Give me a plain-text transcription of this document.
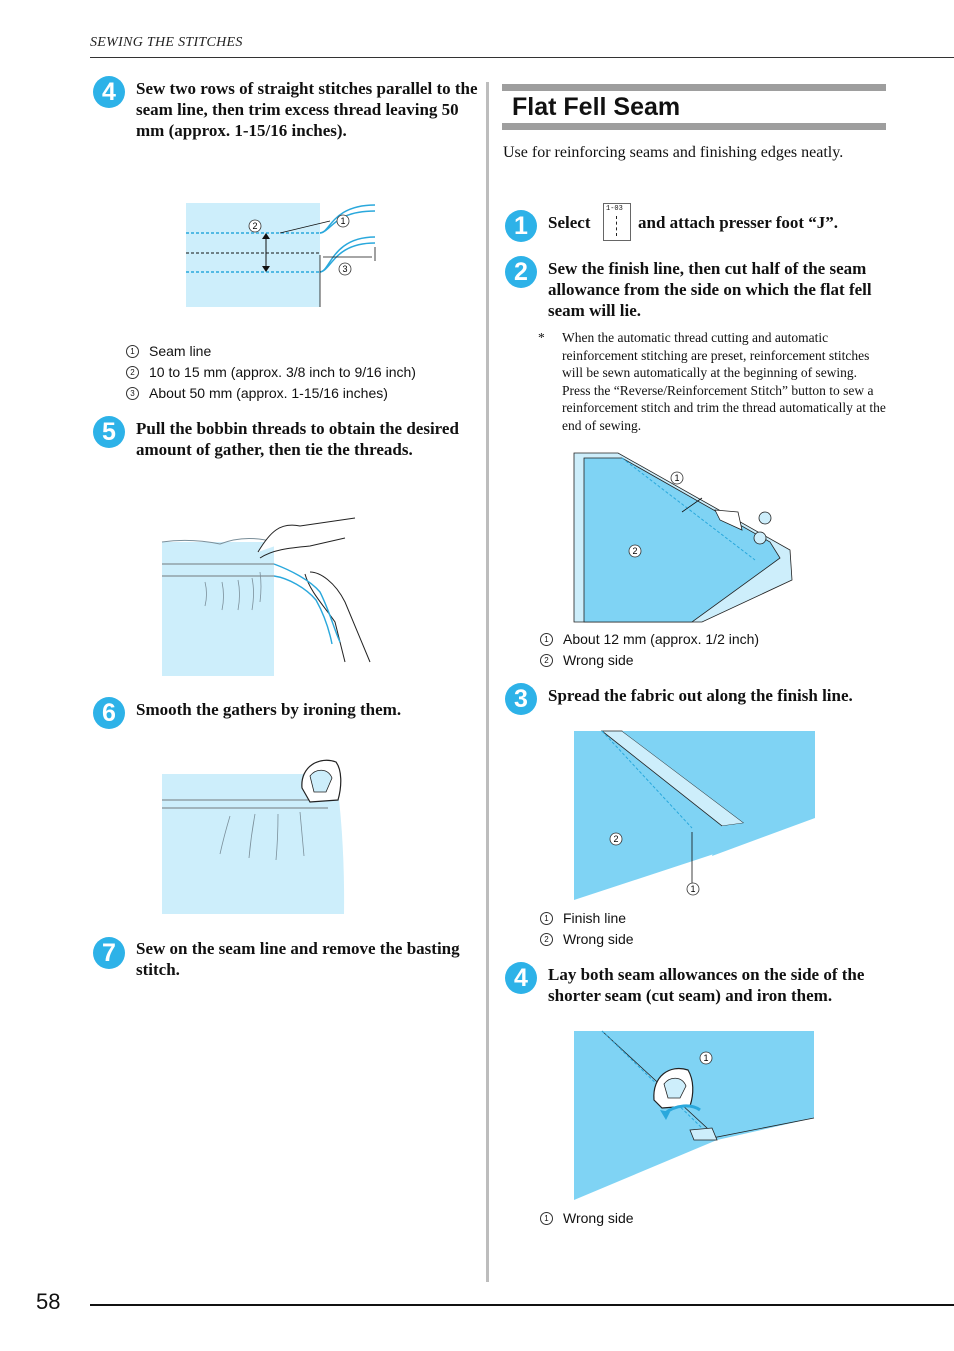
SEWING THE STITCHES
4	Sew two rows of straight stitches parallel to the seam line, then trim excess thread leaving 50 mm (approx. 1-15/16 inches).
1
2
3
1	Seam line
2	10 to 15 mm (approx. 3/8 inch to 9/16 inch)
3	About 50 mm (approx. 1-15/16 inches)
5	Pull the bobbin threads to obtain the desired amount of gather, then tie the threads.
6	Smooth the gathers by ironing them.
7	Sew on the seam line and remove the basting stitch.
Flat Fell Seam
Use for reinforcing seams and finishing edges neatly.
1	Select
1-03
and attach presser foot “J”.
2	Sew the finish line, then cut half of the seam allowance from the side on which the flat fell seam will lie.
* When the automatic thread cutting and automatic reinforcement stitching are preset, reinforcement stitches will be sewn automatically at the beginning of sewing. Press the “Reverse/Reinforcement Stitch” button to sew a reinforcement stitch and trim the thread automatically at the end of sewing.
1
2
1	About 12 mm (approx. 1/2 inch)
2	Wrong side
3	Spread the fabric out along the finish line.
2
1
1	Finish line
2	Wrong side
4	Lay both seam allowances on the side of the shorter seam (cut seam) and iron them.
1
1	Wrong side
58
